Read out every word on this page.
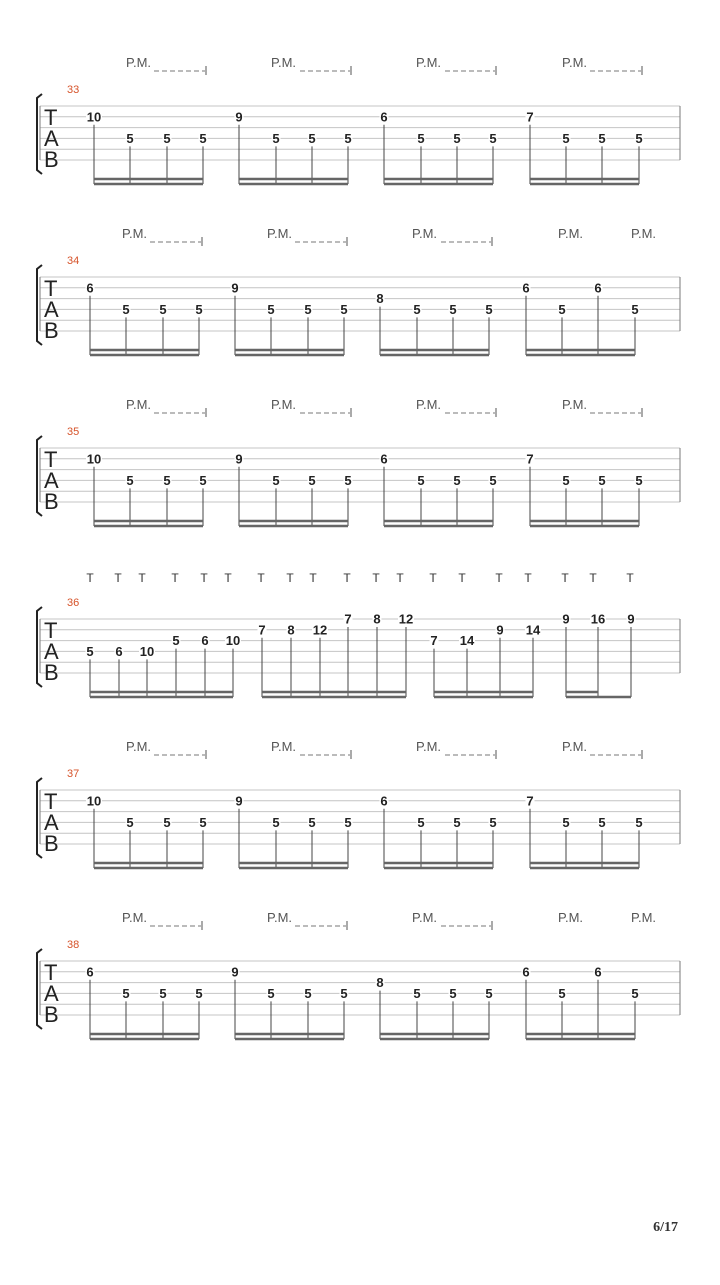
T
A
B
33
P.M.	P.M.	P.M.	P.M.
10
5 5 5
9
5 5 5
6
5 5 5
7
5 5 5
T
A
B
34
P.M.	P.M.	P.M.	P.M.	P.M.
6
5 5 5
9
5 5 5
8
5 5 5
6
5
6
5
T
A
B
35
P.M.	P.M.	P.M.	P.M.
10
5 5 5
9
5 5 5
6
5 5 5
7
5 5 5
T
A
B
36
T T T T T T T T T T T T T T T T T T T
5 6 10
5 6 10
7 8 12
7 8 12
7 14
9 14
9 16 9
T
A
B
37
P.M.	P.M.	P.M.	P.M.
10
5 5 5
9
5 5 5
6
5 5 5
7
5 5 5
T
A
B
38
P.M.	P.M.	P.M.	P.M.	P.M.
6
5 5 5
9
5 5 5
8
5 5 5
6
5
6
5
6/17
